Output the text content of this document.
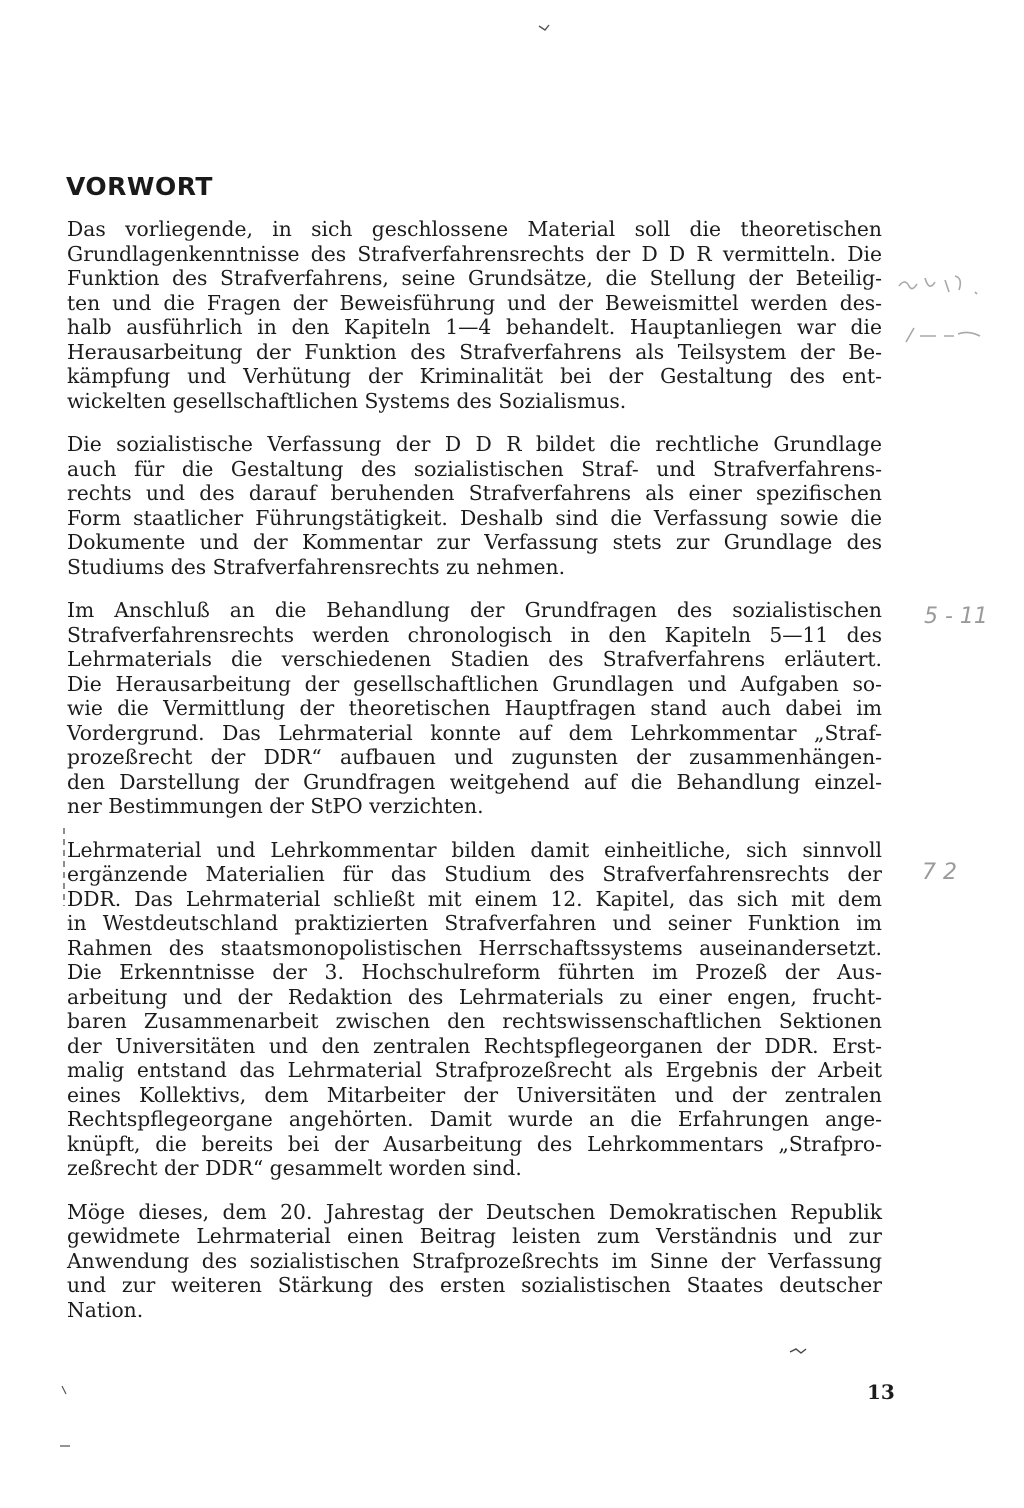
VORWORT
Das vorliegende, in sich geschlossene Material soll die theoretischen
Grundlagenkenntnisse des Strafverfahrensrechts der D D R vermitteln. Die
Funktion des Strafverfahrens, seine Grundsätze, die Stellung der Beteilig-
ten und die Fragen der Beweisführung und der Beweismittel werden des-
halb ausführlich in den Kapiteln 1—4 behandelt. Hauptanliegen war die
Herausarbeitung der Funktion des Strafverfahrens als Teilsystem der Be-
kämpfung und Verhütung der Kriminalität bei der Gestaltung des ent-
wickelten gesellschaftlichen Systems des Sozialismus.
Die sozialistische Verfassung der D D R bildet die rechtliche Grundlage
auch für die Gestaltung des sozialistischen Straf- und Strafverfahrens-
rechts und des darauf beruhenden Strafverfahrens als einer spezifischen
Form staatlicher Führungstätigkeit. Deshalb sind die Verfassung sowie die
Dokumente und der Kommentar zur Verfassung stets zur Grundlage des
Studiums des Strafverfahrensrechts zu nehmen.
Im Anschluß an die Behandlung der Grundfragen des sozialistischen
Strafverfahrensrechts werden chronologisch in den Kapiteln 5—11 des
Lehrmaterials die verschiedenen Stadien des Strafverfahrens erläutert.
Die Herausarbeitung der gesellschaftlichen Grundlagen und Aufgaben so-
wie die Vermittlung der theoretischen Hauptfragen stand auch dabei im
Vordergrund. Das Lehrmaterial konnte auf dem Lehrkommentar „Straf-
prozeßrecht der DDR“ aufbauen und zugunsten der zusammenhängen-
den Darstellung der Grundfragen weitgehend auf die Behandlung einzel-
ner Bestimmungen der StPO verzichten.
Lehrmaterial und Lehrkommentar bilden damit einheitliche, sich sinnvoll
ergänzende Materialien für das Studium des Strafverfahrensrechts der
DDR. Das Lehrmaterial schließt mit einem 12. Kapitel, das sich mit dem
in Westdeutschland praktizierten Strafverfahren und seiner Funktion im
Rahmen des staatsmonopolistischen Herrschaftssystems auseinandersetzt.
Die Erkenntnisse der 3. Hochschulreform führten im Prozeß der Aus-
arbeitung und der Redaktion des Lehrmaterials zu einer engen, frucht-
baren Zusammenarbeit zwischen den rechtswissenschaftlichen Sektionen
der Universitäten und den zentralen Rechtspflegeorganen der DDR. Erst-
malig entstand das Lehrmaterial Strafprozeßrecht als Ergebnis der Arbeit
eines Kollektivs, dem Mitarbeiter der Universitäten und der zentralen
Rechtspflegeorgane angehörten. Damit wurde an die Erfahrungen ange-
knüpft, die bereits bei der Ausarbeitung des Lehrkommentars „Strafpro-
zeßrecht der DDR“ gesammelt worden sind.
Möge dieses, dem 20. Jahrestag der Deutschen Demokratischen Republik
gewidmete Lehrmaterial einen Beitrag leisten zum Verständnis und zur
Anwendung des sozialistischen Strafprozeßrechts im Sinne der Verfassung
und zur weiteren Stärkung des ersten sozialistischen Staates deutscher
Nation.
5 - 11
7 2
13
